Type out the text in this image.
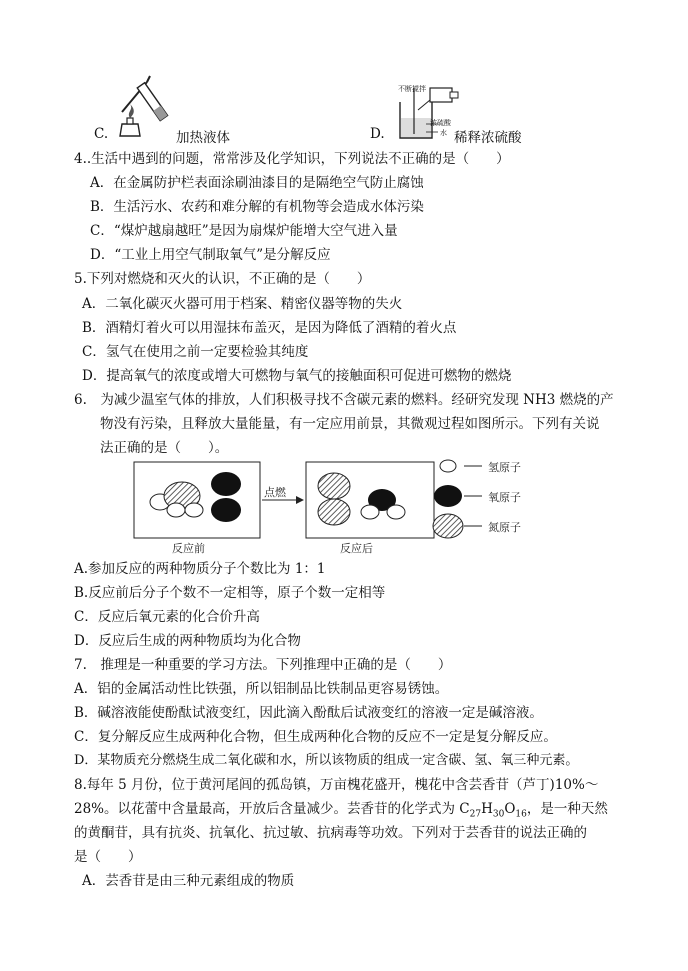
C.	加热液体
不断搅拌
浓硫酸
水
D.	稀释浓硫酸
4..生活中遇到的问题，常常涉及化学知识，下列说法不正确的是（　　）
A．在金属防护栏表面涂刷油漆目的是隔绝空气防止腐蚀
B．生活污水、农药和难分解的有机物等会造成水体污染
C．“煤炉越扇越旺”是因为扇煤炉能增大空气进入量
D．“工业上用空气制取氧气”是分解反应
5.下列对燃烧和灭火的认识，不正确的是（　　）
A．二氧化碳灭火器可用于档案、精密仪器等物的失火
B．酒精灯着火可以用湿抹布盖灭，是因为降低了酒精的着火点
C．氢气在使用之前一定要检验其纯度
D．提高氧气的浓度或增大可燃物与氧气的接触面积可促进可燃物的燃烧
6.　为减少温室气体的排放，人们积极寻找不含碳元素的燃料。经研究发现 NH3 燃烧的产
物没有污染，且释放大量能量，有一定应用前景，其微观过程如图所示。下列有关说
法正确的是（　　）。
点燃
反应前	反应后
氢原子
氧原子
氮原子
A.参加反应的两种物质分子个数比为 1：1
B.反应前后分子个数不一定相等，原子个数一定相等
C．反应后氧元素的化合价升高
D．反应后生成的两种物质均为化合物
7.　推理是一种重要的学习方法。下列推理中正确的是（　　）
A．铝的金属活动性比铁强，所以铝制品比铁制品更容易锈蚀。
B．碱溶液能使酚酞试液变红，因此滴入酚酞后试液变红的溶液一定是碱溶液。
C．复分解反应生成两种化合物，但生成两种化合物的反应不一定是复分解反应。
D．某物质充分燃烧生成二氧化碳和水，所以该物质的组成一定含碳、氢、氧三种元素。
8.每年 5 月份，位于黄河尾闾的孤岛镇，万亩槐花盛开，槐花中含芸香苷（芦丁)10%～
28%。以花蕾中含量最高，开放后含量减少。芸香苷的化学式为 $C_{27}H_{30}O_{16}$，是一种天然
的黄酮苷，具有抗炎、抗氧化、抗过敏、抗病毒等功效。下列对于芸香苷的说法正确的
是（　　）
A．芸香苷是由三种元素组成的物质
